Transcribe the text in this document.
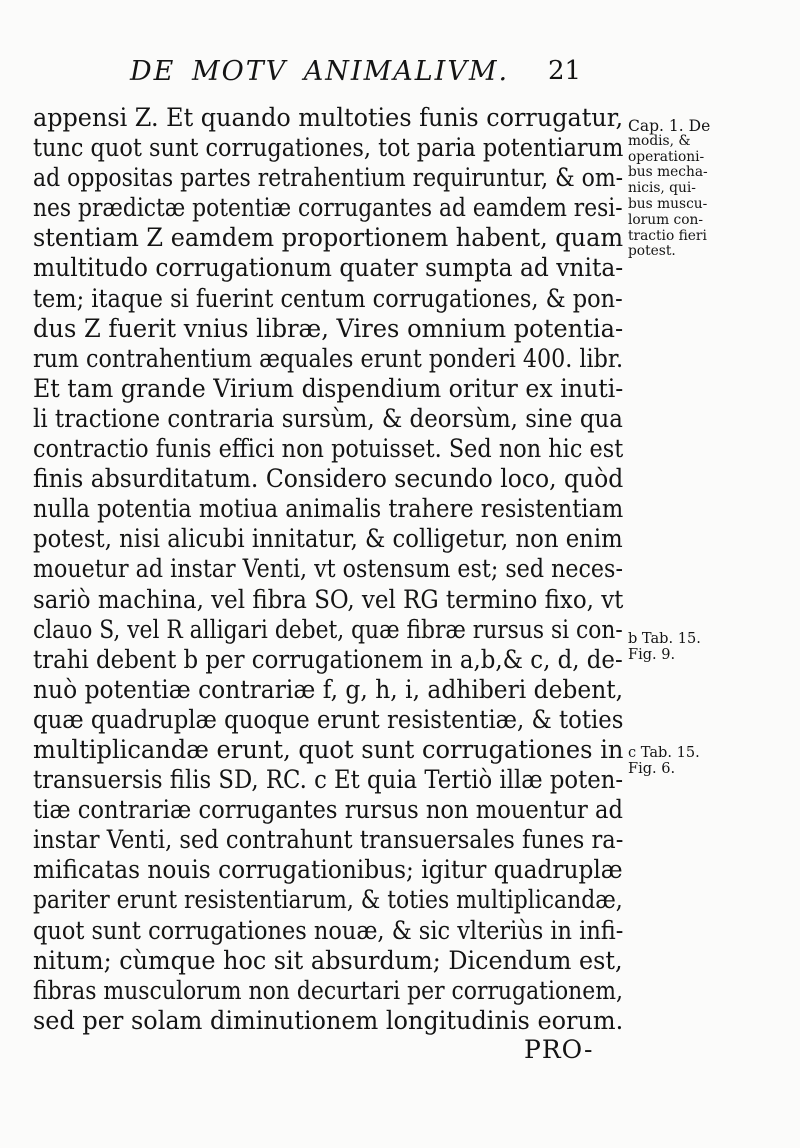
DE MOTV ANIMALIVM.	21
appensi Z. Et quando multoties funis corrugatur,
tunc quot sunt corrugationes, tot paria potentiarum
ad oppositas partes retrahentium requiruntur, & om-
nes prædictæ potentiæ corrugantes ad eamdem resi-
stentiam Z eamdem proportionem habent, quam
multitudo corrugationum quater sumpta ad vnita-
tem; itaque si fuerint centum corrugationes, & pon-
dus Z fuerit vnius libræ, Vires omnium potentia-
rum contrahentium æquales erunt ponderi 400. libr.
Et tam grande Virium dispendium oritur ex inuti-
li tractione contraria sursùm, & deorsùm, sine qua
contractio funis effici non potuisset. Sed non hic est
finis absurditatum. Considero secundo loco, quòd
nulla potentia motiua animalis trahere resistentiam
potest, nisi alicubi innitatur, & colligetur, non enim
mouetur ad instar Venti, vt ostensum est; sed neces-
sariò machina, vel fibra SO, vel RG termino fixo, vt
clauo S, vel R alligari debet, quæ fibræ rursus si con-
trahi debent b per corrugationem in a,b,& c, d, de-
nuò potentiæ contrariæ f, g, h, i, adhiberi debent,
quæ quadruplæ quoque erunt resistentiæ, & toties
multiplicandæ erunt, quot sunt corrugationes in
transuersis filis SD, RC. c Et quia Tertiò illæ poten-
tiæ contrariæ corrugantes rursus non mouentur ad
instar Venti, sed contrahunt transuersales funes ra-
mificatas nouis corrugationibus; igitur quadruplæ
pariter erunt resistentiarum, & toties multiplicandæ,
quot sunt corrugationes nouæ, & sic vlteriùs in infi-
nitum; cùmque hoc sit absurdum; Dicendum est,
fibras musculorum non decurtari per corrugationem,
sed per solam diminutionem longitudinis eorum.
Cap. 1. De
modis, &
operationi-
bus mecha-
nicis, qui-
bus muscu-
lorum con-
tractio fieri
potest.
b Tab. 15.
Fig. 9.
c Tab. 15.
Fig. 6.
PRO-
